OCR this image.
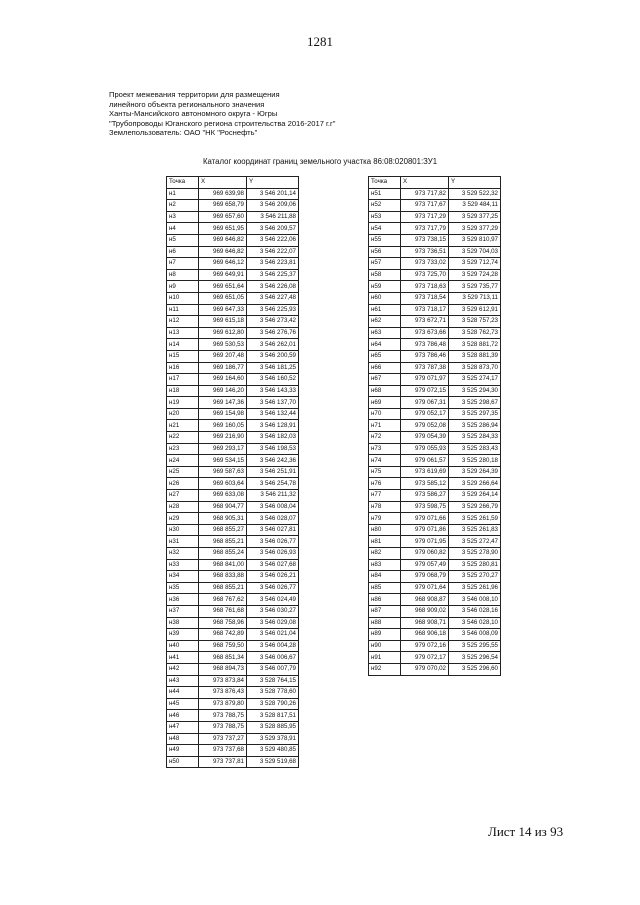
1281
Проект межевания территории для размещения
линейного объекта регионального значения
Ханты-Мансийского автономного округа - Югры
"Трубопроводы Юганского региона строительства 2016-2017 г.г"
Землепользователь: ОАО "НК "Роснефть"
Каталог координат границ земельного участка 86:08:020801:ЗУ1
Точка	X	Y
н1	969 639,98	3 546 201,14
н2	969 658,79	3 546 209,06
н3	969 657,60	3 546 211,88
н4	969 651,95	3 546 209,57
н5	969 646,82	3 546 222,06
н6	969 646,82	3 546 222,07
н7	969 646,12	3 546 223,81
н8	969 649,91	3 546 225,37
н9	969 651,64	3 546 226,08
н10	969 651,05	3 546 227,48
н11	969 647,33	3 546 225,93
н12	969 615,18	3 546 273,42
н13	969 612,80	3 546 276,76
н14	969 530,53	3 546 262,01
н15	969 207,48	3 546 200,59
н16	969 186,77	3 546 181,25
н17	969 164,60	3 546 160,52
н18	969 146,20	3 546 143,33
н19	969 147,36	3 546 137,70
н20	969 154,98	3 546 132,44
н21	969 160,05	3 546 128,91
н22	969 216,90	3 546 182,03
н23	969 293,17	3 546 198,53
н24	969 534,15	3 546 242,36
н25	969 587,63	3 546 251,91
н26	969 603,64	3 546 254,78
н27	969 633,08	3 546 211,32
н28	968 904,77	3 546 008,04
н29	968 905,31	3 546 028,07
н30	968 855,27	3 546 027,81
н31	968 855,21	3 546 026,77
н32	968 855,24	3 546 026,93
н33	968 841,00	3 546 027,68
н34	968 833,88	3 546 026,21
н35	968 855,21	3 546 026,77
н36	968 767,62	3 546 024,49
н37	968 761,68	3 546 030,27
н38	968 758,96	3 546 029,08
н39	968 742,89	3 546 021,04
н40	968 759,50	3 546 004,28
н41	968 851,34	3 546 006,67
н42	968 894,73	3 546 007,79
н43	973 873,84	3 528 764,15
н44	973 876,43	3 528 778,60
н45	973 879,80	3 528 790,26
н46	973 788,75	3 528 817,51
н47	973 788,75	3 528 885,95
н48	973 737,27	3 529 378,91
н49	973 737,68	3 529 480,85
н50	973 737,81	3 529 519,68
Точка	X	Y
н51	973 717,82	3 529 522,32
н52	973 717,67	3 529 484,11
н53	973 717,29	3 529 377,25
н54	973 717,79	3 529 377,29
н55	973 738,15	3 529 810,97
н56	973 736,51	3 529 704,03
н57	973 733,02	3 529 712,74
н58	973 725,70	3 529 724,28
н59	973 718,63	3 529 735,77
н60	973 718,54	3 529 713,11
н61	973 718,17	3 529 612,91
н62	973 672,71	3 528 757,23
н63	973 673,66	3 528 762,73
н64	973 786,48	3 528 881,72
н65	973 786,46	3 528 881,39
н66	973 787,38	3 528 873,70
н67	979 071,97	3 525 274,17
н68	979 072,15	3 525 294,30
н69	979 067,31	3 525 298,67
н70	979 052,17	3 525 297,35
н71	979 052,08	3 525 286,94
н72	979 054,39	3 525 284,33
н73	979 055,93	3 525 283,43
н74	979 061,57	3 525 280,18
н75	973 619,69	3 529 264,39
н76	973 585,12	3 529 266,64
н77	973 586,27	3 529 264,14
н78	973 598,75	3 529 266,79
н79	979 071,66	3 525 261,59
н80	979 071,86	3 525 261,83
н81	979 071,95	3 525 272,47
н82	979 060,82	3 525 278,90
н83	979 057,49	3 525 280,81
н84	979 068,79	3 525 270,27
н85	979 071,64	3 525 261,96
н86	968 908,87	3 546 008,10
н87	968 909,02	3 546 028,16
н88	968 908,71	3 546 028,10
н89	968 906,18	3 546 008,09
н90	979 072,16	3 525 295,55
н91	979 072,17	3 525 296,54
н92	979 070,02	3 525 296,60
Лист 14 из 93
